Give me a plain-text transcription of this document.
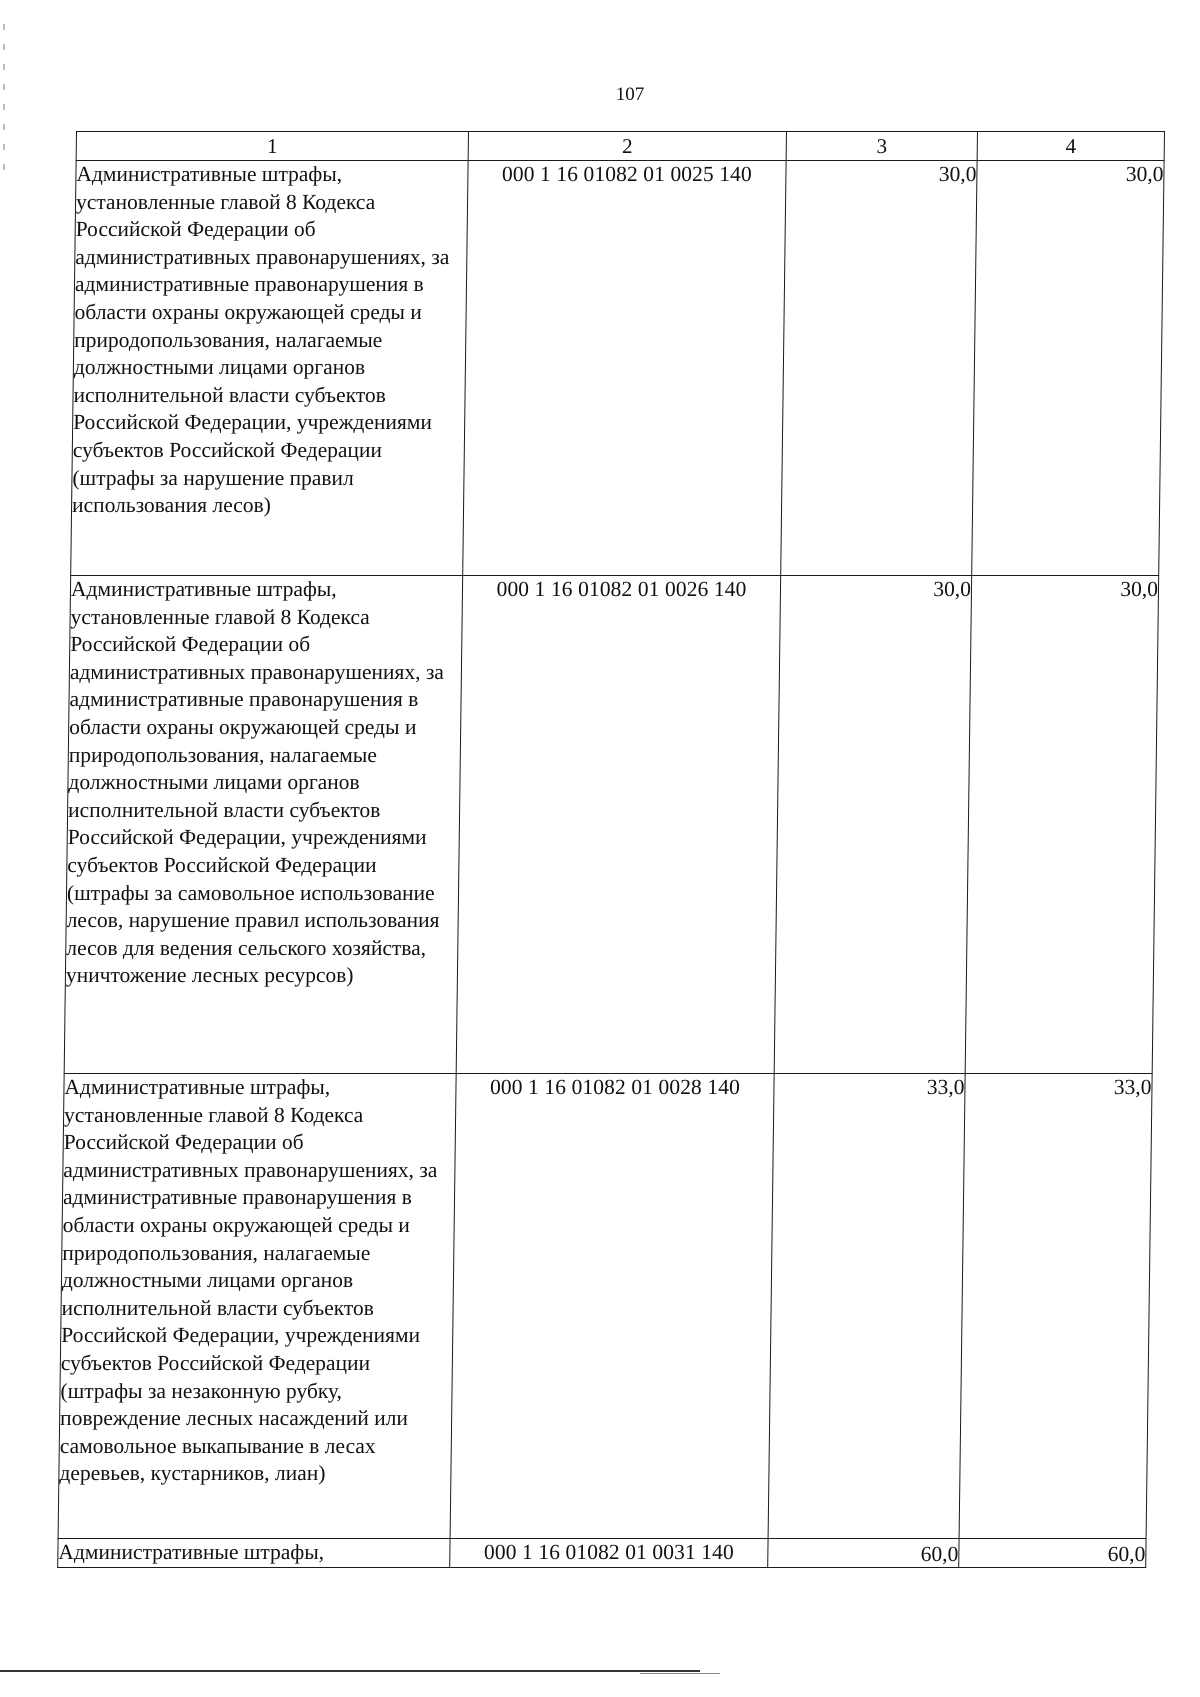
107
1	2	3	4
Административные штрафы, установленные главой 8 Кодекса Российской Федерации об административных правонарушениях, за административные правонарушения в области охраны окружающей среды и природопользования, налагаемые должностными лицами органов исполнительной власти субъектов Российской Федерации, учреждениями субъектов Российской Федерации (штрафы за нарушение правил использования лесов)	000 1 16 01082 01 0025 140	30,0	30,0
Административные штрафы, установленные главой 8 Кодекса Российской Федерации об административных правонарушениях, за административные правонарушения в области охраны окружающей среды и природопользования, налагаемые должностными лицами органов исполнительной власти субъектов Российской Федерации, учреждениями субъектов Российской Федерации (штрафы за самовольное использование лесов, нарушение правил использования лесов для ведения сельского хозяйства, уничтожение лесных ресурсов)	000 1 16 01082 01 0026 140	30,0	30,0
Административные штрафы, установленные главой 8 Кодекса Российской Федерации об административных правонарушениях, за административные правонарушения в области охраны окружающей среды и природопользования, налагаемые должностными лицами органов исполнительной власти субъектов Российской Федерации, учреждениями субъектов Российской Федерации (штрафы за незаконную рубку, повреждение лесных насаждений или самовольное выкапывание в лесах деревьев, кустарников, лиан)	000 1 16 01082 01 0028 140	33,0	33,0
Административные штрафы,	000 1 16 01082 01 0031 140	60,0	60,0
